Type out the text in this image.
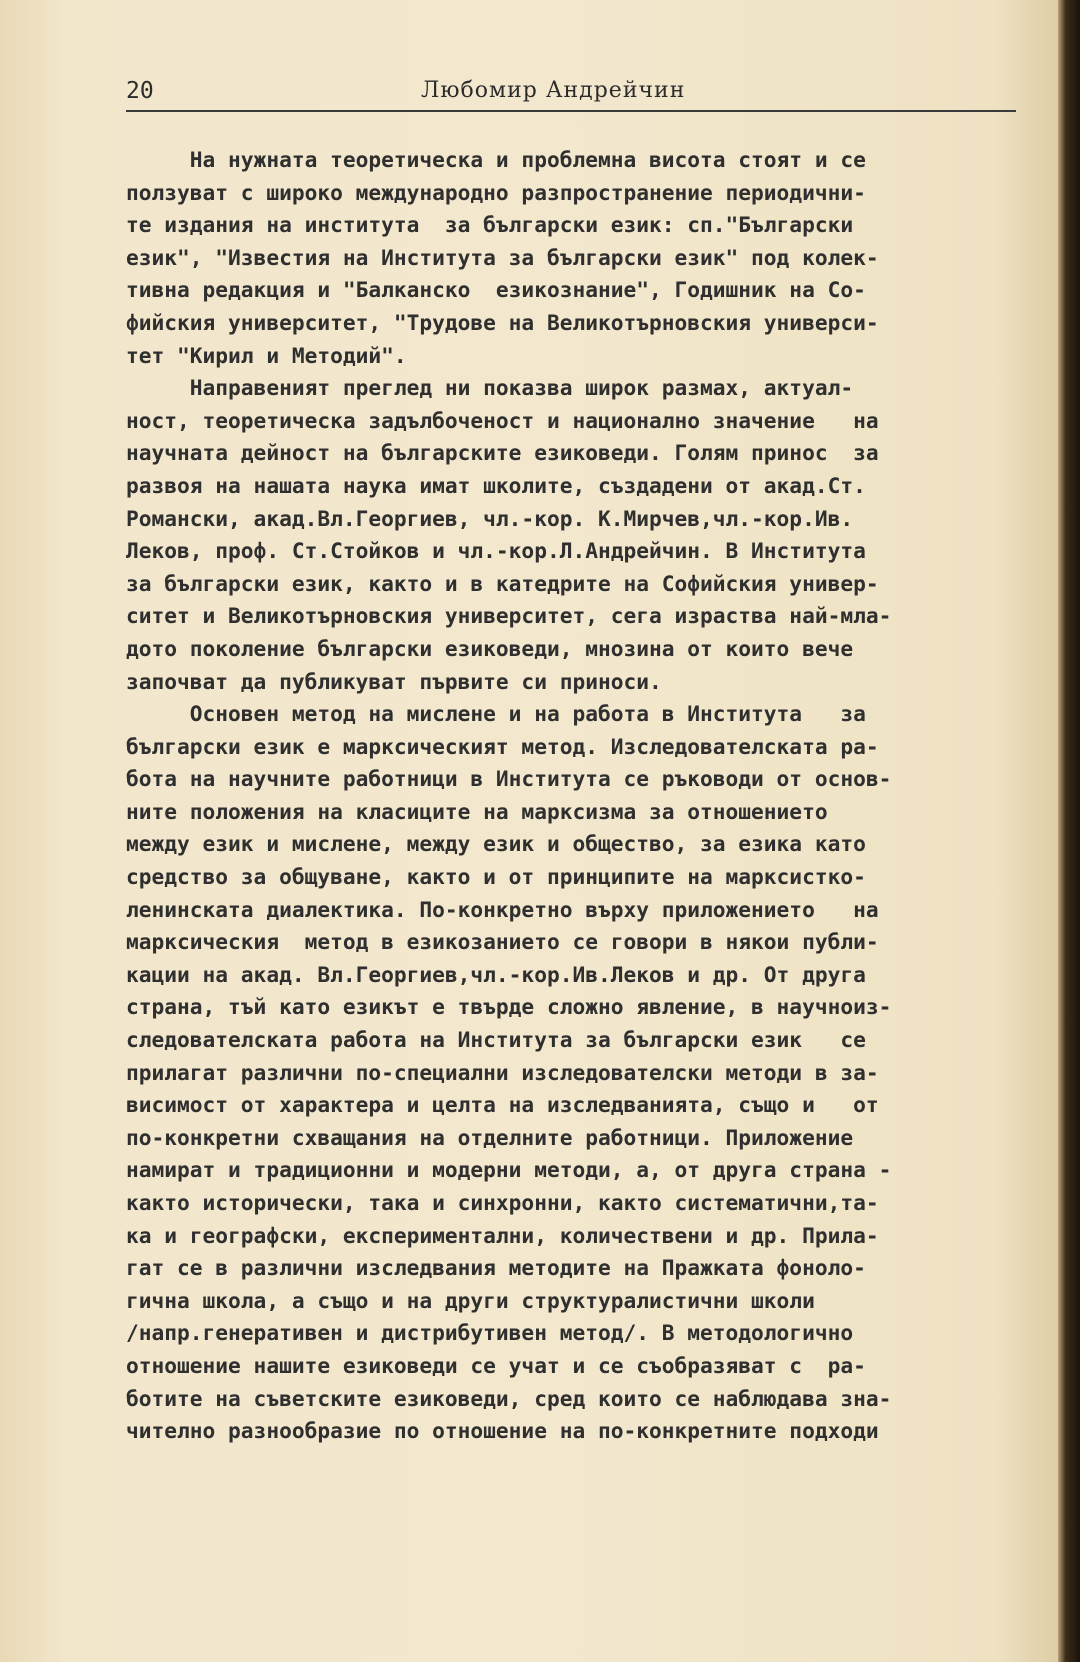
20	Любомир Андрейчин
На нужната теоретическа и проблемна висота стоят и се
ползуват с широко международно разпространение периодични-
те издания на института  за български език: сп."Български
език", "Известия на Института за български език" под колек-
тивна редакция и "Балканско  езикознание", Годишник на Со-
фийския университет, "Трудове на Великотърновския универси-
тет "Кирил и Методий".
Направеният преглед ни показва широк размах, актуал-
ност, теоретическа задълбоченост и национално значение   на
научната дейност на българските езиковеди. Голям принос  за
развоя на нашата наука имат школите, създадени от акад.Ст.
Романски, акад.Вл.Георгиев, чл.-кор. К.Мирчев,чл.-кор.Ив.
Леков, проф. Ст.Стойков и чл.-кор.Л.Андрейчин. В Института
за български език, както и в катедрите на Софийския универ-
ситет и Великотърновския университет, сега израства най-мла-
дото поколение български езиковеди, мнозина от които вече
започват да публикуват първите си приноси.
Основен метод на мислене и на работа в Института   за
български език е марксическият метод. Изследователската ра-
бота на научните работници в Института се ръководи от основ-
ните положения на класиците на марксизма за отношението
между език и мислене, между език и общество, за езика като
средство за общуване, както и от принципите на марксистко-
ленинската диалектика. По-конкретно върху приложението   на
марксическия  метод в езикозанието се говори в някои публи-
кации на акад. Вл.Георгиев,чл.-кор.Ив.Леков и др. От друга
страна, тъй като езикът е твърде сложно явление, в научноиз-
следователската работа на Института за български език   се
прилагат различни по-специални изследователски методи в за-
висимост от характера и целта на изследванията, също и   от
по-конкретни схващания на отделните работници. Приложение
намират и традиционни и модерни методи, а, от друга страна -
както исторически, така и синхронни, както систематични,та-
ка и географски, експериментални, количествени и др. Прила-
гат се в различни изследвания методите на Пражката фоноло-
гична школа, а също и на други структуралистични школи
/напр.генеративен и дистрибутивен метод/. В методологично
отношение нашите езиковеди се учат и се съобразяват с  ра-
ботите на съветските езиковеди, сред които се наблюдава зна-
чително разнообразие по отношение на по-конкретните подходи
